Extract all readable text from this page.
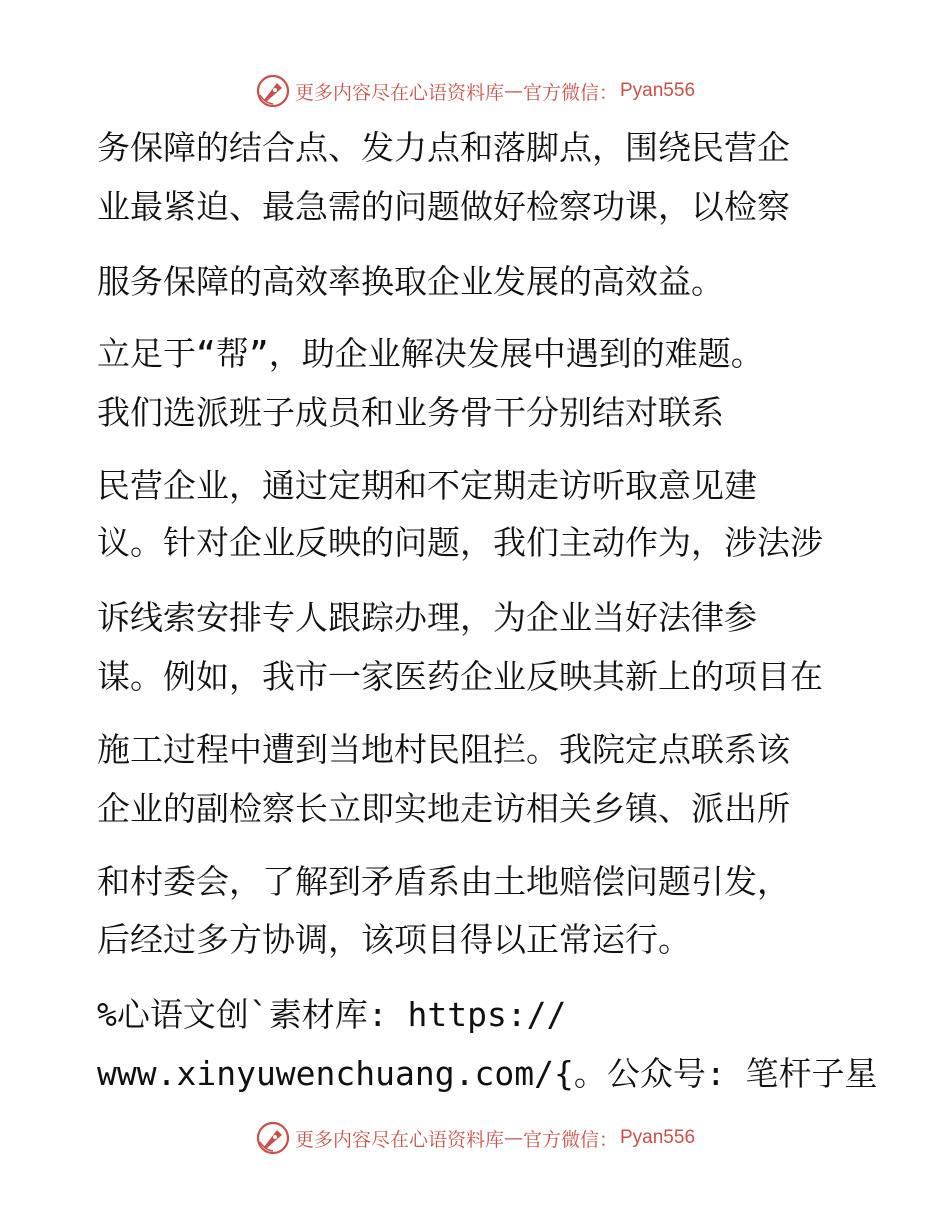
更多内容尽在心语资料库 — 官方微信： Pyan556

务保障的结合点、发力点和落脚点，围绕民营企

业最紧迫、最急需的问题做好检察功课，以检察

服务保障的高效率换取企业发展的高效益。

立足于“帮”，助企业解决发展中遇到的难题。

我们选派班子成员和业务骨干分别结对联系

民营企业，通过定期和不定期走访听取意见建

议。针对企业反映的问题，我们主动作为，涉法涉

诉线索安排专人跟踪办理，为企业当好法律参

谋。例如，我市一家医药企业反映其新上的项目在

施工过程中遭到当地村民阻拦。我院定点联系该

企业的副检察长立即实地走访相关乡镇、派出所

和村委会，了解到矛盾系由土地赔偿问题引发，

后经过多方协调，该项目得以正常运行。

%心语文创`素材库: https://

www.xinyuwenchuang.com/{。公众号: 笔杆子星

更多内容尽在心语资料库 — 官方微信： Pyan556
